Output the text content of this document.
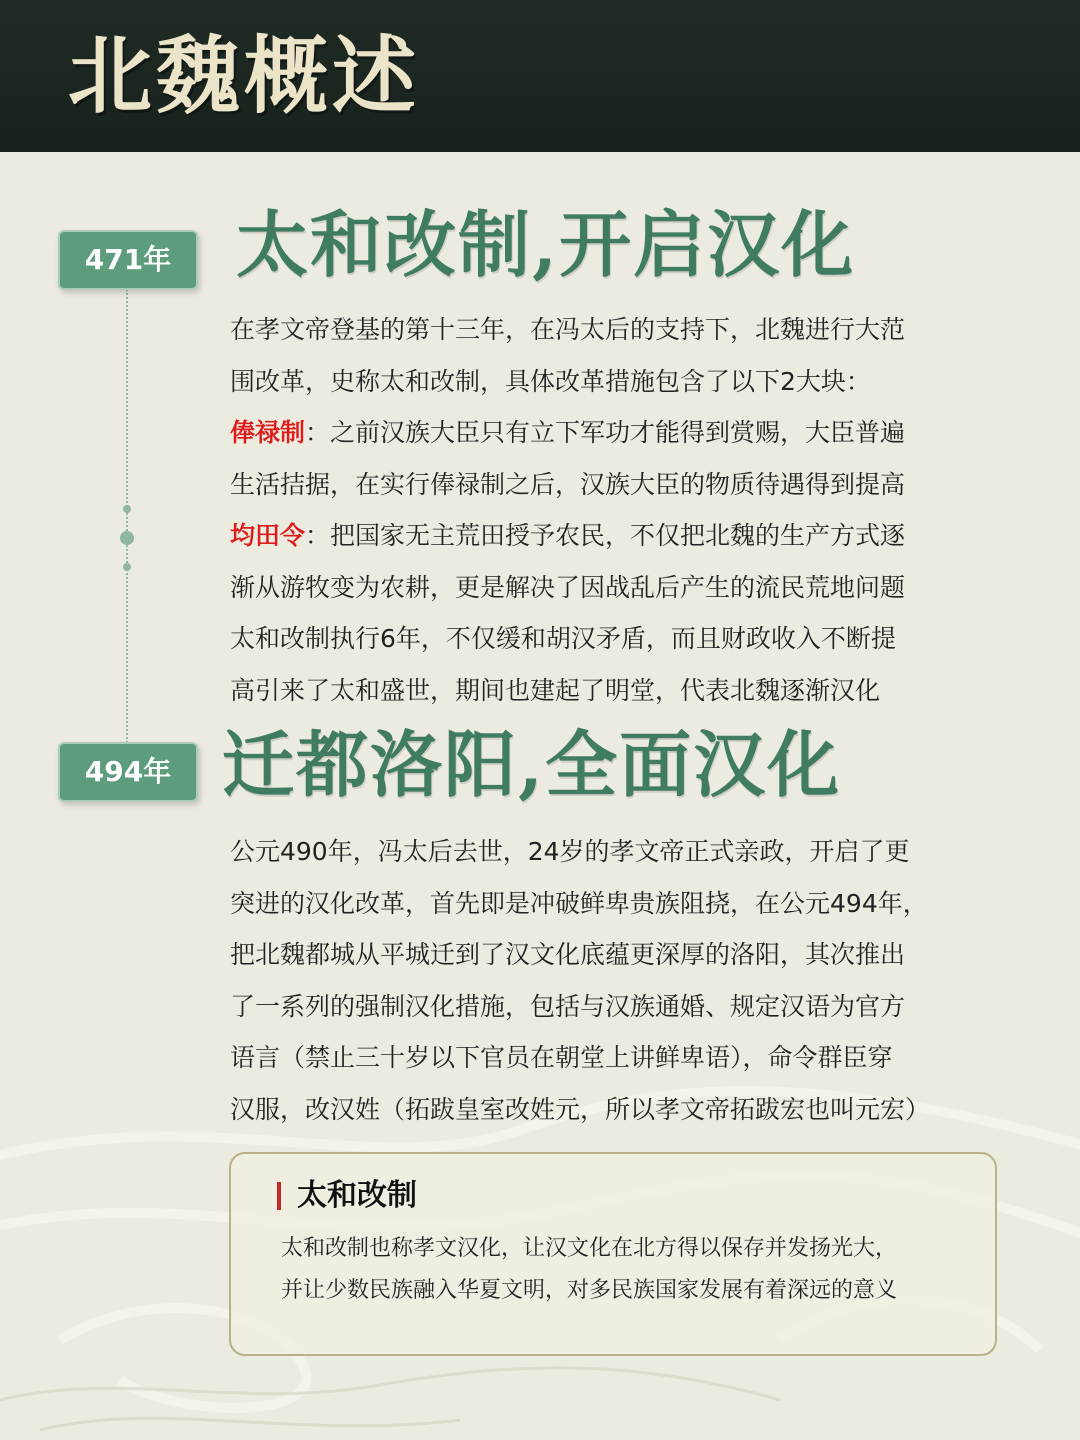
北魏概述
471年 太和改制,开启汉化

在孝文帝登基的第十三年，在冯太后的支持下，北魏进行大范

围改革，史称太和改制，具体改革措施包含了以下2大块：

俸禄制：之前汉族大臣只有立下军功才能得到赏赐，大臣普遍

生活拮据，在实行俸禄制之后，汉族大臣的物质待遇得到提高

均田令：把国家无主荒田授予农民，不仅把北魏的生产方式逐

渐从游牧变为农耕，更是解决了因战乱后产生的流民荒地问题

太和改制执行6年，不仅缓和胡汉矛盾，而且财政收入不断提

高引来了太和盛世，期间也建起了明堂，代表北魏逐渐汉化

494年 迁都洛阳,全面汉化

公元490年，冯太后去世，24岁的孝文帝正式亲政，开启了更

突进的汉化改革，首先即是冲破鲜卑贵族阻挠，在公元494年，

把北魏都城从平城迁到了汉文化底蕴更深厚的洛阳，其次推出

了一系列的强制汉化措施，包括与汉族通婚、规定汉语为官方

语言（禁止三十岁以下官员在朝堂上讲鲜卑语），命令群臣穿

汉服，改汉姓（拓跋皇室改姓元，所以孝文帝拓跋宏也叫元宏）

太和改制

太和改制也称孝文汉化，让汉文化在北方得以保存并发扬光大，

并让少数民族融入华夏文明，对多民族国家发展有着深远的意义
